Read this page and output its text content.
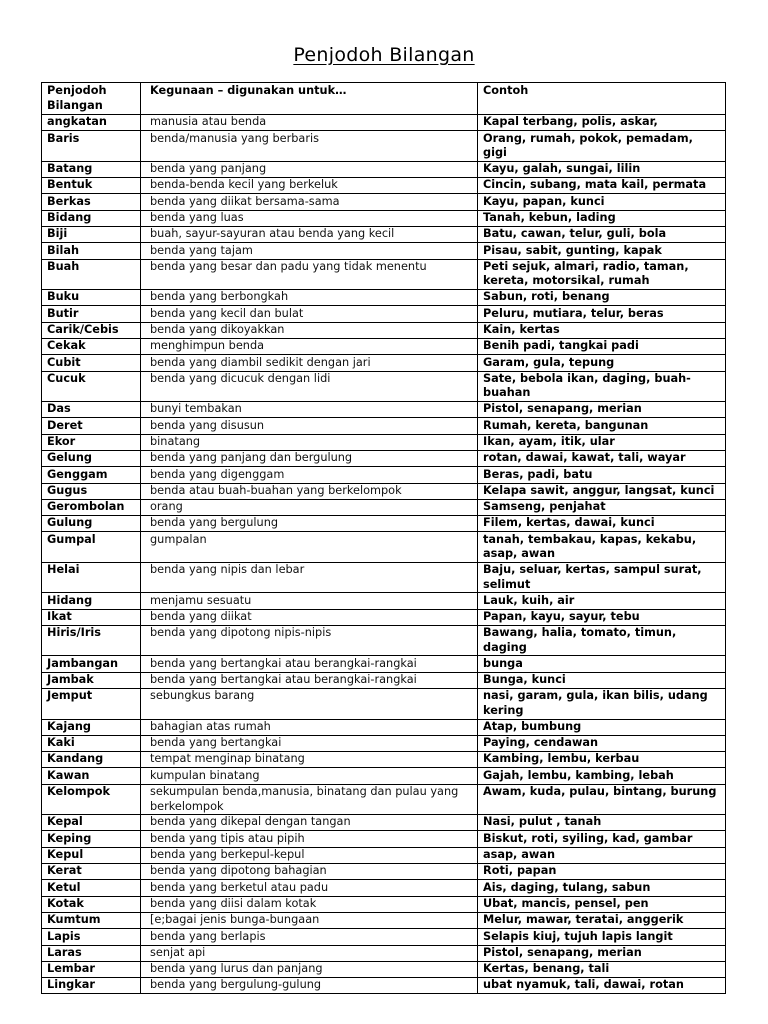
Penjodoh Bilangan
Penjodoh Bilangan	Kegunaan – digunakan untuk…	Contoh
angkatan	manusia atau benda	Kapal terbang, polis, askar,
Baris	benda/manusia yang berbaris	Orang, rumah, pokok, pemadam, gigi
Batang	benda yang panjang	Kayu, galah, sungai, lilin
Bentuk	benda-benda kecil yang berkeluk	Cincin, subang, mata kail, permata
Berkas	benda yang diikat bersama-sama	Kayu, papan, kunci
Bidang	benda yang luas	Tanah, kebun, lading
Biji	buah, sayur-sayuran atau benda yang kecil	Batu, cawan, telur, guli, bola
Bilah	benda yang tajam	Pisau, sabit, gunting, kapak
Buah	benda yang besar dan padu yang tidak menentu	Peti sejuk, almari, radio, taman, kereta, motorsikal, rumah
Buku	benda yang berbongkah	Sabun, roti, benang
Butir	benda yang kecil dan bulat	Peluru, mutiara, telur, beras
Carik/Cebis	benda yang dikoyakkan	Kain, kertas
Cekak	menghimpun benda	Benih padi, tangkai padi
Cubit	benda yang diambil sedikit dengan jari	Garam, gula, tepung
Cucuk	benda yang dicucuk dengan lidi	Sate, bebola ikan, daging, buah-buahan
Das	bunyi tembakan	Pistol, senapang, merian
Deret	benda yang disusun	Rumah, kereta, bangunan
Ekor	binatang	Ikan, ayam, itik, ular
Gelung	benda yang panjang dan bergulung	rotan, dawai, kawat, tali, wayar
Genggam	benda yang digenggam	Beras, padi, batu
Gugus	benda atau buah-buahan yang berkelompok	Kelapa sawit, anggur, langsat, kunci
Gerombolan	orang	Samseng, penjahat
Gulung	benda yang bergulung	Filem, kertas, dawai, kunci
Gumpal	gumpalan	tanah, tembakau, kapas, kekabu, asap, awan
Helai	benda yang nipis dan lebar	Baju, seluar, kertas, sampul surat, selimut
Hidang	menjamu sesuatu	Lauk, kuih, air
Ikat	benda yang diikat	Papan, kayu, sayur, tebu
Hiris/Iris	benda yang dipotong nipis-nipis	Bawang, halia, tomato, timun, daging
Jambangan	benda yang bertangkai atau berangkai-rangkai	bunga
Jambak	benda yang bertangkai atau berangkai-rangkai	Bunga, kunci
Jemput	sebungkus barang	nasi, garam, gula, ikan bilis, udang kering
Kajang	bahagian atas rumah	Atap, bumbung
Kaki	benda yang bertangkai	Paying, cendawan
Kandang	tempat menginap binatang	Kambing, lembu, kerbau
Kawan	kumpulan binatang	Gajah, lembu, kambing, lebah
Kelompok	sekumpulan benda,manusia, binatang dan pulau yang berkelompok	Awam, kuda, pulau, bintang, burung
Kepal	benda yang dikepal dengan tangan	Nasi, pulut , tanah
Keping	benda yang tipis atau pipih	Biskut, roti, syiling, kad, gambar
Kepul	benda yang berkepul-kepul	asap, awan
Kerat	benda yang dipotong bahagian	Roti, papan
Ketul	benda yang berketul atau padu	Ais, daging, tulang, sabun
Kotak	benda yang diisi dalam kotak	Ubat, mancis, pensel, pen
Kumtum	[e;bagai jenis bunga-bungaan	Melur, mawar, teratai, anggerik
Lapis	benda yang berlapis	Selapis kiuj, tujuh lapis langit
Laras	senjat api	Pistol, senapang, merian
Lembar	benda yang lurus dan panjang	Kertas, benang, tali
Lingkar	benda yang bergulung-gulung	ubat nyamuk, tali, dawai, rotan
